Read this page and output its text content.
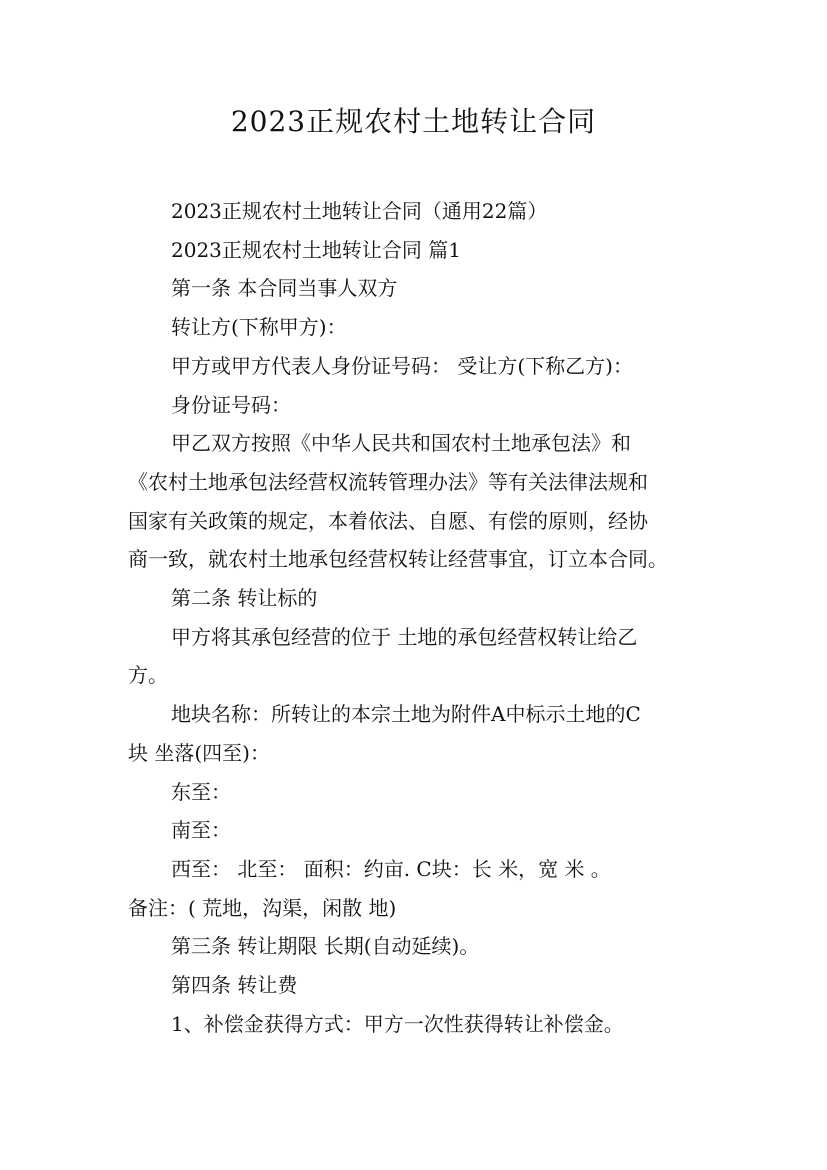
2023正规农村土地转让合同
2023正规农村土地转让合同（通用22篇）
2023正规农村土地转让合同 篇1
第一条 本合同当事人双方
转让方(下称甲方)：
甲方或甲方代表人身份证号码： 受让方(下称乙方)：
身份证号码：
甲乙双方按照《中华人民共和国农村土地承包法》和
《农村土地承包法经营权流转管理办法》等有关法律法规和
国家有关政策的规定，本着依法、自愿、有偿的原则，经协
商一致，就农村土地承包经营权转让经营事宜，订立本合同。
第二条 转让标的
甲方将其承包经营的位于 土地的承包经营权转让给乙
方。
地块名称：所转让的本宗土地为附件A中标示土地的C
块 坐落(四至)：
东至：
南至：
西至： 北至： 面积：约亩. C块：长 米，宽 米 。
备注：( 荒地，沟渠，闲散 地)
第三条 转让期限 长期(自动延续)。
第四条 转让费
1、补偿金获得方式：甲方一次性获得转让补偿金。
